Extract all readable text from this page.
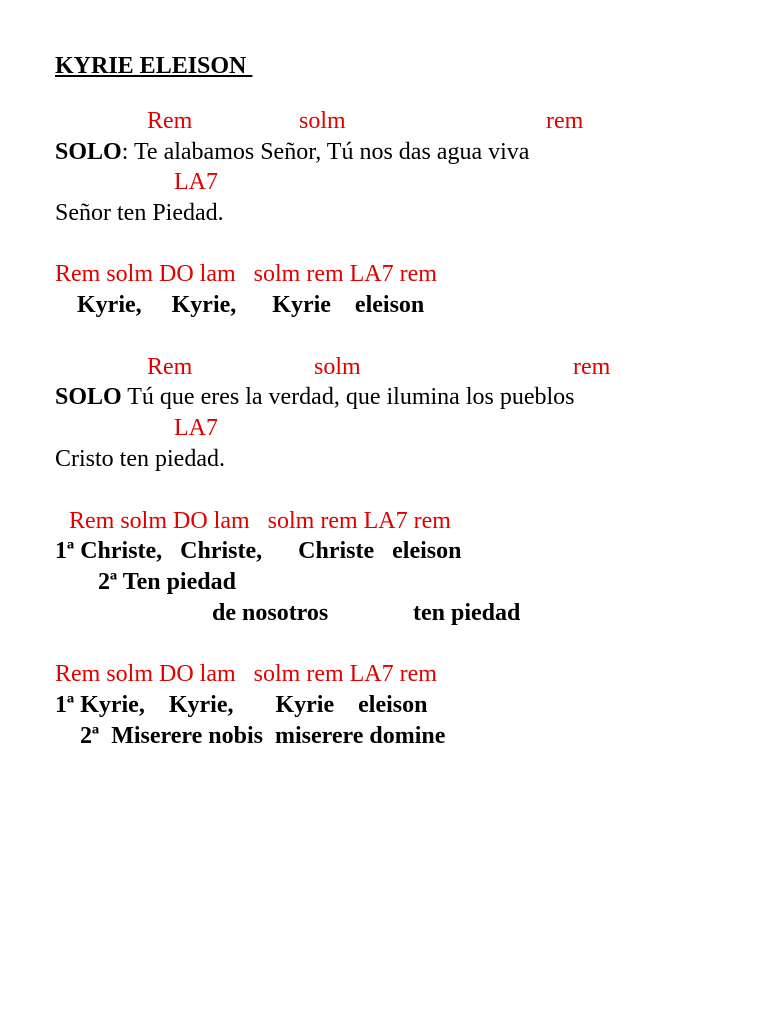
KYRIE ELEISON
Rem	solm	rem
SOLO: Te alabamos Señor, Tú nos das agua viva
LA7
Señor ten Piedad.
Rem solm DO lam   solm rem LA7 rem
Kyrie,     Kyrie,      Kyrie    eleison
Rem	solm	rem
SOLO Tú que eres la verdad, que ilumina los pueblos
LA7
Cristo ten piedad.
Rem solm DO lam   solm rem LA7 rem
1ª Christe,   Christe,      Christe   eleison
2ª Ten piedad
de nosotros	ten piedad
Rem solm DO lam   solm rem LA7 rem
1ª Kyrie,    Kyrie,       Kyrie    eleison
2ª  Miserere nobis  miserere domine
